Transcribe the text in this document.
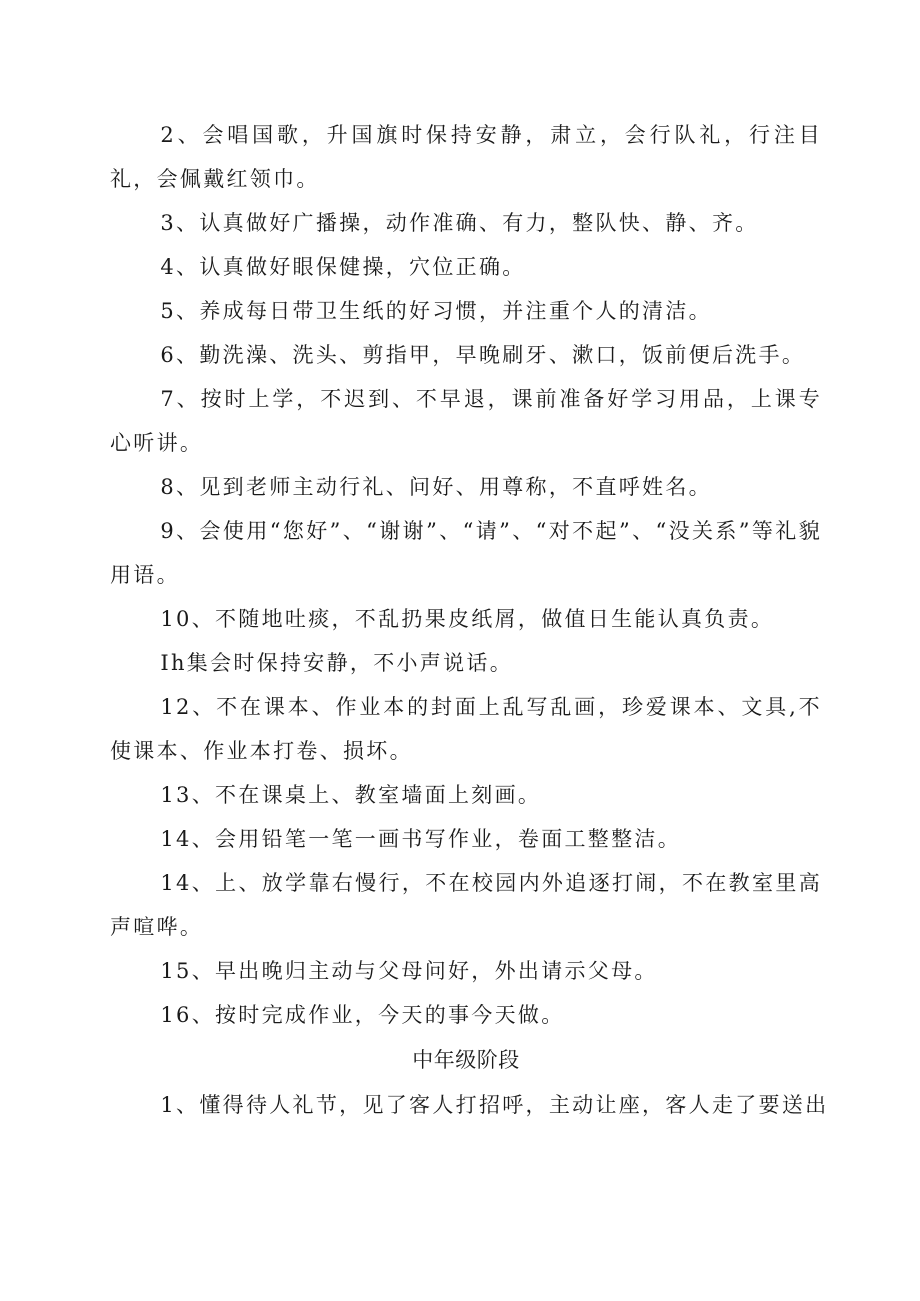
2、会唱国歌，升国旗时保持安静，肃立，会行队礼，行注目礼，会佩戴红领巾。

3、认真做好广播操，动作准确、有力，整队快、静、齐。

4、认真做好眼保健操，穴位正确。

5、养成每日带卫生纸的好习惯，并注重个人的清洁。

6、勤洗澡、洗头、剪指甲，早晚刷牙、漱口，饭前便后洗手。

7、按时上学，不迟到、不早退，课前准备好学习用品，上课专心听讲。

8、见到老师主动行礼、问好、用尊称，不直呼姓名。

9、会使用“您好”、“谢谢”、“请”、“对不起”、“没关系”等礼貌用语。

10、不随地吐痰，不乱扔果皮纸屑，做值日生能认真负责。

Ih集会时保持安静，不小声说话。

12、不在课本、作业本的封面上乱写乱画，珍爱课本、文具,不使课本、作业本打卷、损坏。

13、不在课桌上、教室墙面上刻画。

14、会用铅笔一笔一画书写作业，卷面工整整洁。

14、上、放学靠右慢行，不在校园内外追逐打闹，不在教室里高声喧哗。

15、早出晚归主动与父母问好，外出请示父母。

16、按时完成作业，今天的事今天做。

中年级阶段

1、懂得待人礼节，见了客人打招呼，主动让座，客人走了要送出
